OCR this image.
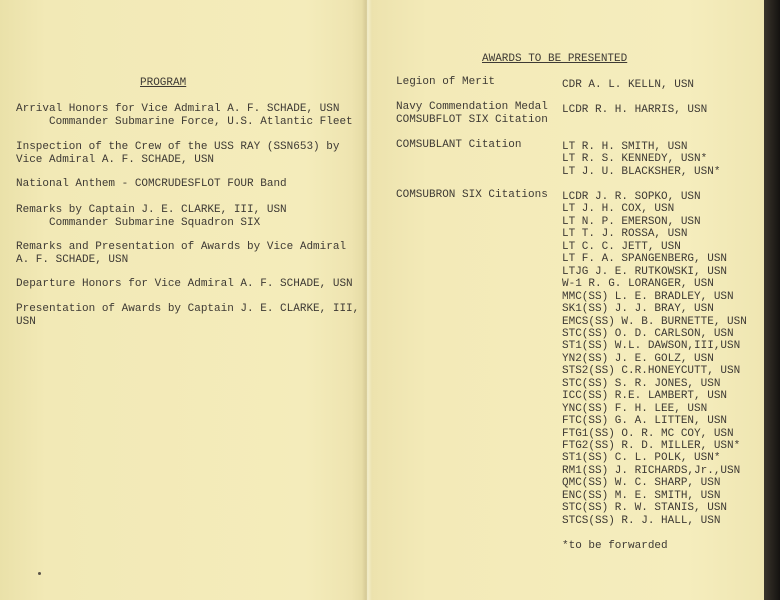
PROGRAM
Arrival Honors for Vice Admiral A. F. SCHADE, USN
Commander Submarine Force, U.S. Atlantic Fleet
Inspection of the Crew of the USS RAY (SSN653) by
Vice Admiral A. F. SCHADE, USN
National Anthem - COMCRUDESFLOT FOUR Band
Remarks by Captain J. E. CLARKE, III, USN
Commander Submarine Squadron SIX
Remarks and Presentation of Awards by Vice Admiral
A. F. SCHADE, USN
Departure Honors for Vice Admiral A. F. SCHADE, USN
Presentation of Awards by Captain J. E. CLARKE, III,
USN
AWARDS TO BE PRESENTED
Legion of Merit	CDR A. L. KELLN, USN
Navy Commendation Medal
COMSUBFLOT SIX Citation
LCDR R. H. HARRIS, USN
COMSUBLANT Citation	LT R. H. SMITH, USN
LT R. S. KENNEDY, USN*
LT J. U. BLACKSHER, USN*
COMSUBRON SIX Citations LCDR J. R. SOPKO, USN
LT J. H. COX, USN
LT N. P. EMERSON, USN
LT T. J. ROSSA, USN
LT C. C. JETT, USN
LT F. A. SPANGENBERG, USN
LTJG J. E. RUTKOWSKI, USN
W-1 R. G. LORANGER, USN
MMC(SS) L. E. BRADLEY, USN
SK1(SS) J. J. BRAY, USN
EMCS(SS) W. B. BURNETTE, USN
STC(SS) O. D. CARLSON, USN
ST1(SS) W.L. DAWSON,III,USN
YN2(SS) J. E. GOLZ, USN
STS2(SS) C.R.HONEYCUTT, USN
STC(SS) S. R. JONES, USN
ICC(SS) R.E. LAMBERT, USN
YNC(SS) F. H. LEE, USN
FTC(SS) G. A. LITTEN, USN
FTG1(SS) O. R. MC COY, USN
FTG2(SS) R. D. MILLER, USN*
ST1(SS) C. L. POLK, USN*
RM1(SS) J. RICHARDS,Jr.,USN
QMC(SS) W. C. SHARP, USN
ENC(SS) M. E. SMITH, USN
STC(SS) R. W. STANIS, USN
STCS(SS) R. J. HALL, USN
*to be forwarded
